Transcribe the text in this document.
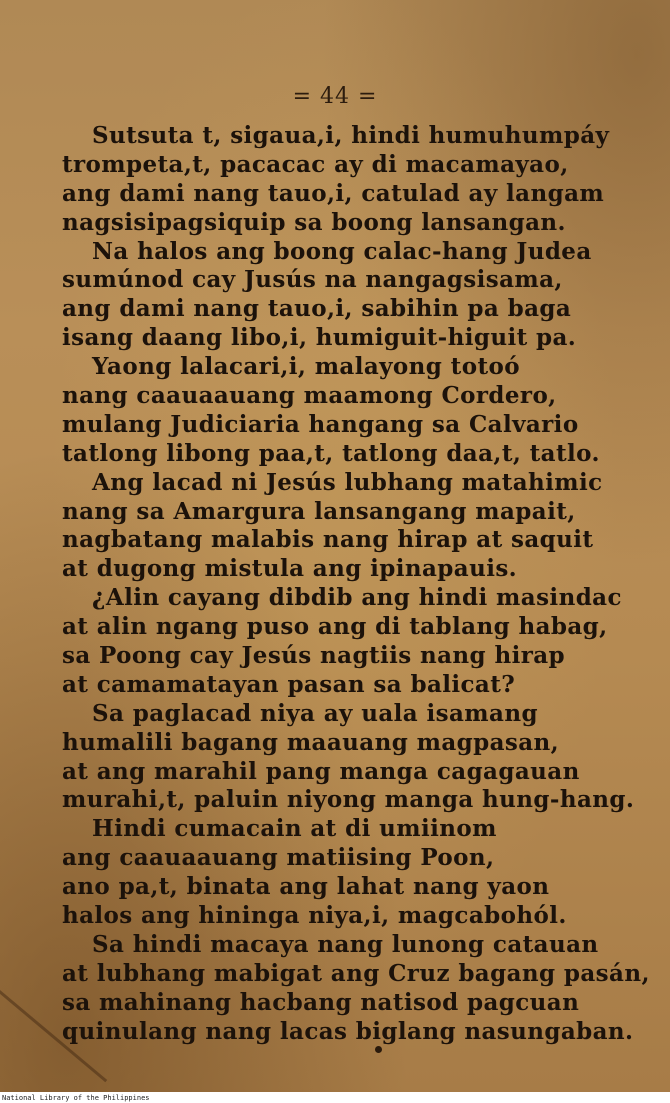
= 44 =
Sutsuta t, sigaua,i, hindi humuhumpáy
trompeta,t, pacacac ay di macamayao,
ang dami nang tauo,i, catulad ay langam
nagsisipagsiquip sa boong lansangan.
Na halos ang boong calac-hang Judea
sumúnod cay Jusús na nangagsisama,
ang dami nang tauo,i, sabihin pa baga
isang daang libo,i, humiguit-higuit pa.
Yaong lalacari,i, malayong totoó
nang caauaauang maamong Cordero,
mulang Judiciaria hangang sa Calvario
tatlong libong paa,t, tatlong daa,t, tatlo.
Ang lacad ni Jesús lubhang matahimic
nang sa Amargura lansangang mapait,
nagbatang malabis nang hirap at saquit
at dugong mistula ang ipinapauis.
¿Alin cayang dibdib ang hindi masindac
at alin ngang puso ang di tablang habag,
sa Poong cay Jesús nagtiis nang hirap
at camamatayan pasan sa balicat?
Sa paglacad niya ay uala isamang
humalili bagang maauang magpasan,
at ang marahil pang manga cagagauan
murahi,t, paluin niyong manga hung-hang.
Hindi cumacain at di umiinom
ang caauaauang matiising Poon,
ano pa,t, binata ang lahat nang yaon
halos ang hininga niya,i, magcabohól.
Sa hindi macaya nang lunong catauan
at lubhang mabigat ang Cruz bagang pasán,
sa mahinang hacbang natisod pagcuan
quinulang nang lacas biglang nasungaban.
National Library of the Philippines
